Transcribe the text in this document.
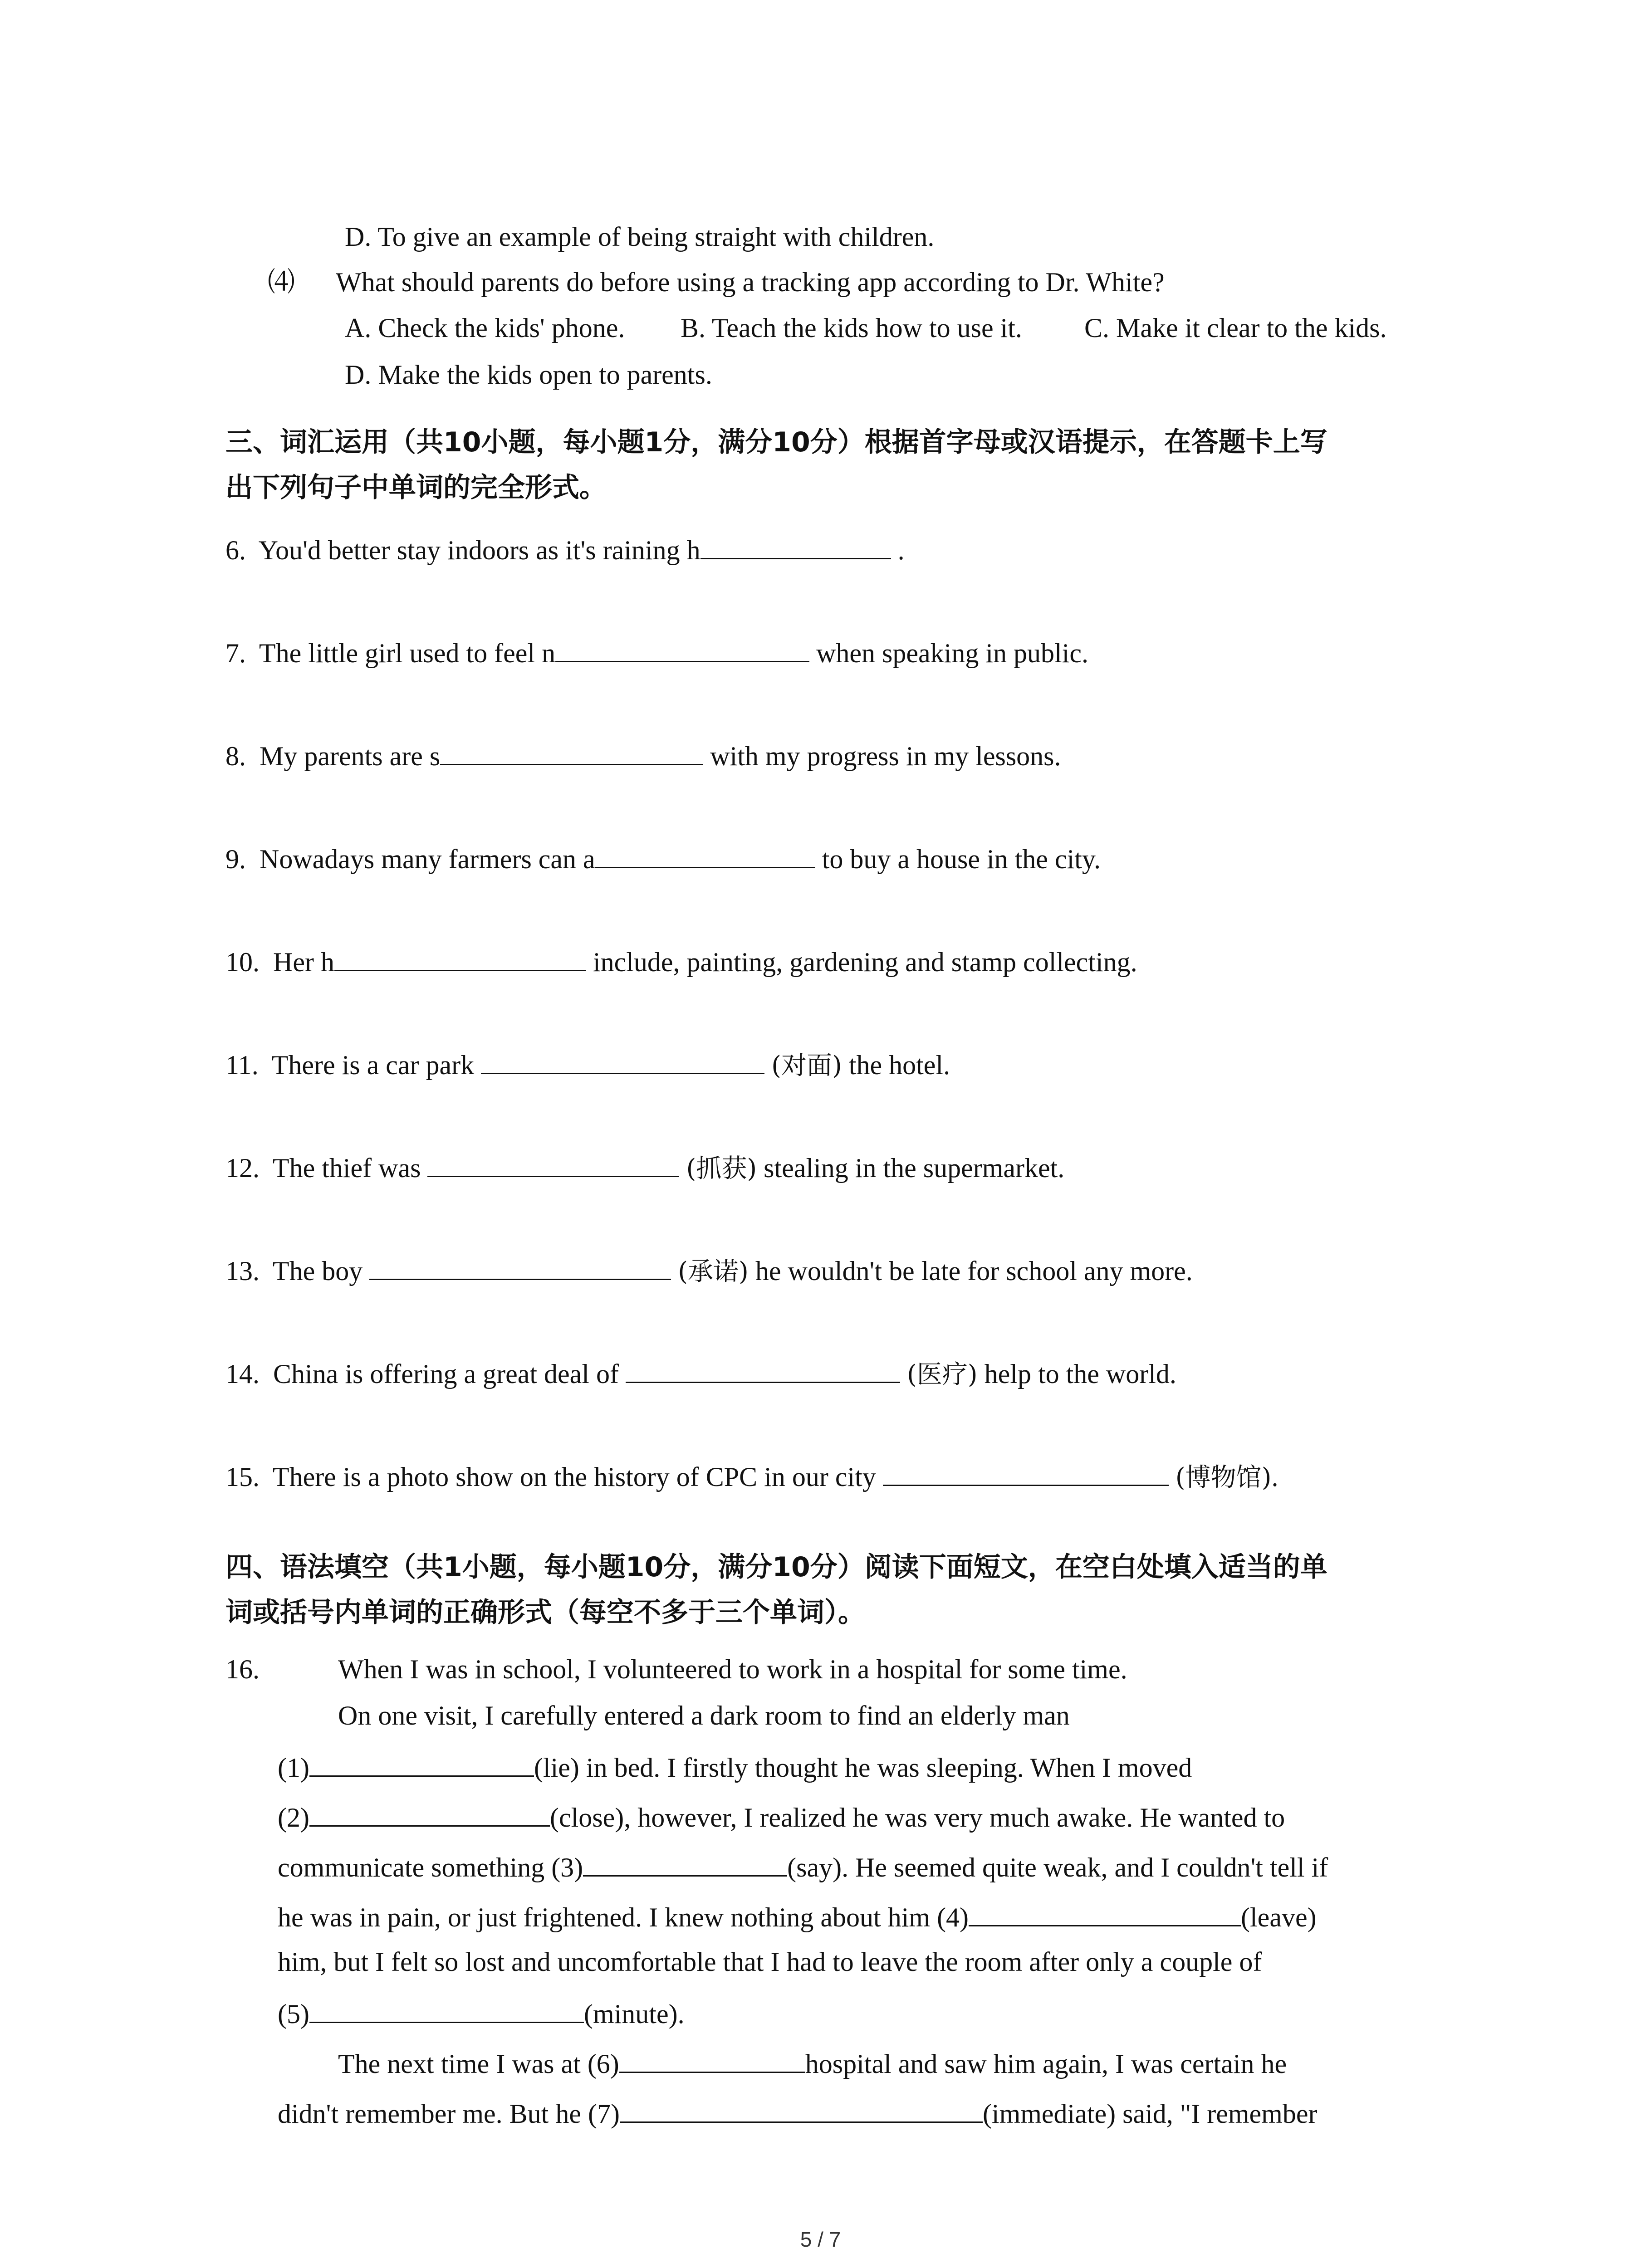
D. To give an example of being straight with children.
⑷ What should parents do before using a tracking app according to Dr. White?
A. Check the kids' phone. B. Teach the kids how to use it. C. Make it clear to the kids.
D. Make the kids open to parents.
三、词汇运用（共10小题，每小题1分，满分10分）根据首字母或汉语提示，在答题卡上写
出下列句子中单词的完全形式。
6. You'd better stay indoors as it's raining h	.
7. The little girl used to feel n	when speaking in public.
8. My parents are s	with my progress in my lessons.
9. Nowadays many farmers can a	to buy a house in the city.
10. Her h	include, painting, gardening and stamp collecting.
11. There is a car park	(对面) the hotel.
12. The thief was	(抓获) stealing in the supermarket.
13. The boy	(承诺) he wouldn't be late for school any more.
14. China is offering a great deal of	(医疗) help to the world.
15. There is a photo show on the history of CPC in our city	(博物馆).
四、语法填空（共1小题，每小题10分，满分10分）阅读下面短文，在空白处填入适当的单
词或括号内单词的正确形式（每空不多于三个单词）。
16.	When I was in school, I volunteered to work in a hospital for some time.
On one visit, I carefully entered a dark room to find an elderly man
(1)	(lie) in bed. I firstly thought he was sleeping. When I moved
(2)	(close), however, I realized he was very much awake. He wanted to
communicate something (3)	(say). He seemed quite weak, and I couldn't tell if
he was in pain, or just frightened. I knew nothing about him (4)	(leave)
him, but I felt so lost and uncomfortable that I had to leave the room after only a couple of
(5)	(minute).
The next time I was at (6)	hospital and saw him again, I was certain he
didn't remember me. But he (7)	(immediate) said, "I remember
5 / 7
